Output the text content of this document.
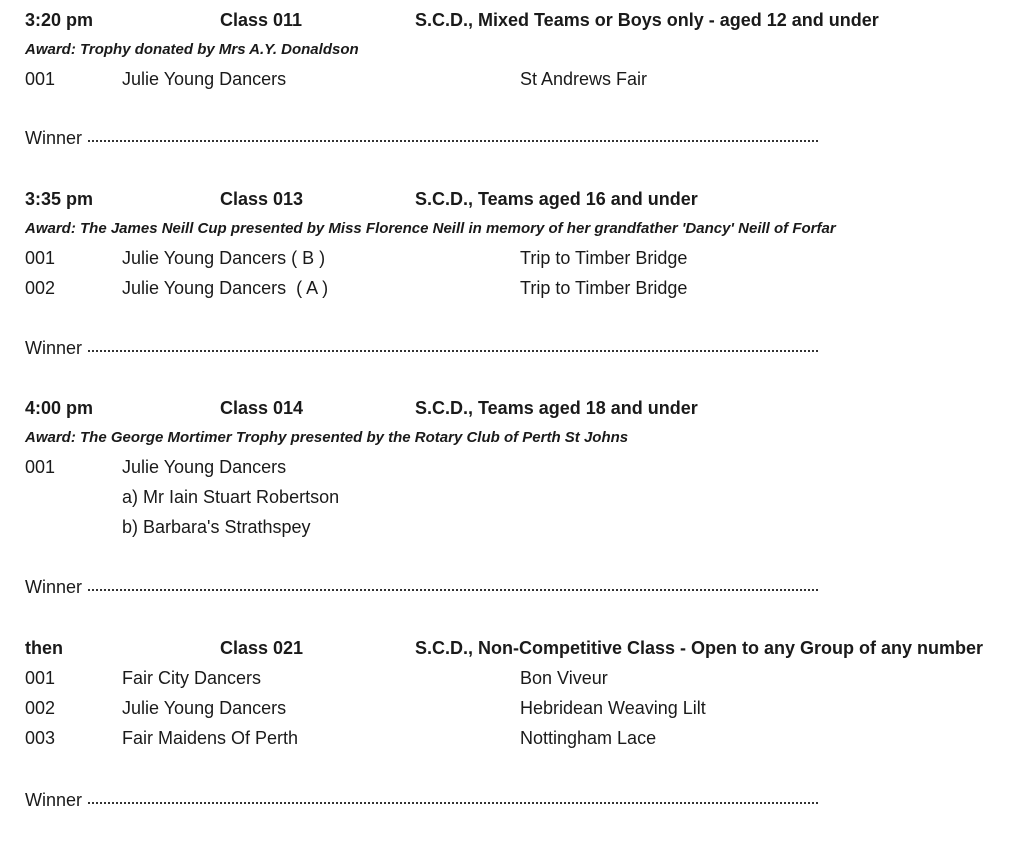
3:20 pm	Class 011	S.C.D., Mixed Teams or Boys only - aged 12 and under
Award: Trophy donated by Mrs A.Y. Donaldson
001	Julie Young Dancers	St Andrews Fair
Winner
3:35 pm	Class 013	S.C.D., Teams aged 16 and under
Award: The James Neill Cup presented by Miss Florence Neill in memory of her grandfather 'Dancy' Neill of Forfar
001	Julie Young Dancers ( B )	Trip to Timber Bridge
002	Julie Young Dancers  ( A )	Trip to Timber Bridge
Winner
4:00 pm	Class 014	S.C.D., Teams aged 18 and under
Award: The George Mortimer Trophy presented by the Rotary Club of Perth St Johns
001	Julie Young Dancers
a) Mr Iain Stuart Robertson
b) Barbara's Strathspey
Winner
then	Class 021	S.C.D., Non-Competitive Class - Open to any Group of any number
001	Fair City Dancers	Bon Viveur
002	Julie Young Dancers	Hebridean Weaving Lilt
003	Fair Maidens Of Perth	Nottingham Lace
Winner
